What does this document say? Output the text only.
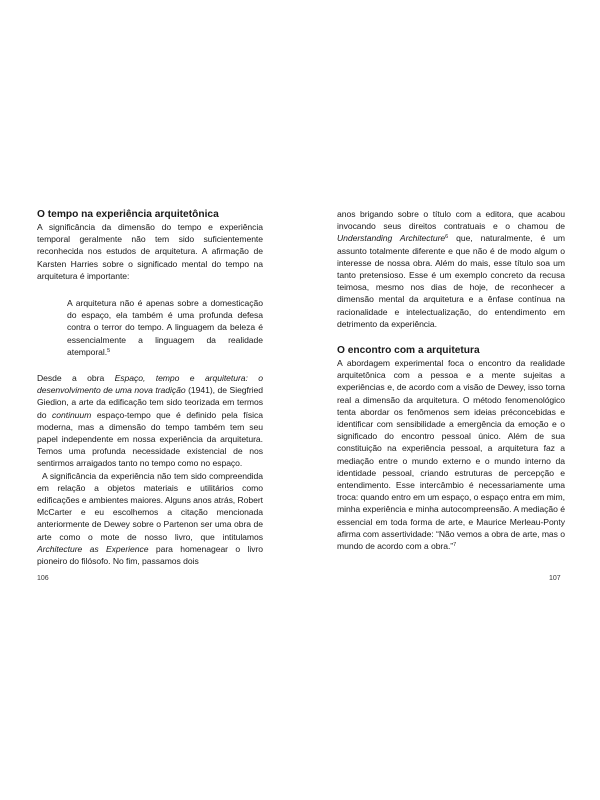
O tempo na experiência arquitetônica

A significância da dimensão do tempo e experiência temporal geralmente não tem sido suficientemente reconhecida nos estudos de arquitetura. A afirmação de Karsten Harries sobre o significado mental do tempo na arquitetura é importante:

A arquitetura não é apenas sobre a domesticação do espaço, ela também é uma profunda defesa contra o terror do tempo. A linguagem da beleza é essencialmente a linguagem da realidade atemporal.$^5$

Desde a obra Espaço, tempo e arquitetura: o desenvolvimento de uma nova tradição (1941), de Siegfried Giedion, a arte da edificação tem sido teorizada em termos do continuum espaço-tempo que é definido pela física moderna, mas a dimensão do tempo também tem seu papel independente em nossa experiência da arquitetura. Temos uma profunda necessidade existencial de nos sentirmos arraigados tanto no tempo como no espaço.

A significância da experiência não tem sido compreendida em relação a objetos materiais e utilitários como edificações e ambientes maiores. Alguns anos atrás, Robert McCarter e eu escolhemos a citação mencionada anteriormente de Dewey sobre o Partenon ser uma obra de arte como o mote de nosso livro, que intitulamos Architecture as Experience para homenagear o livro pioneiro do filósofo. No fim, passamos dois

anos brigando sobre o título com a editora, que acabou invocando seus direitos contratuais e o chamou de Understanding Architecture$^6$ que, naturalmente, é um assunto totalmente diferente e que não é de modo algum o interesse de nossa obra. Além do mais, esse título soa um tanto pretensioso. Esse é um exemplo concreto da recusa teimosa, mesmo nos dias de hoje, de reconhecer a dimensão mental da arquitetura e a ênfase contínua na racionalidade e intelectualização, do entendimento em detrimento da experiência.

O encontro com a arquitetura

A abordagem experimental foca o encontro da realidade arquitetônica com a pessoa e a mente sujeitas a experiências e, de acordo com a visão de Dewey, isso torna real a dimensão da arquitetura. O método fenomenológico tenta abordar os fenômenos sem ideias préconcebidas e identificar com sensibilidade a emergência da emoção e o significado do encontro pessoal único. Além de sua constituição na experiência pessoal, a arquitetura faz a mediação entre o mundo externo e o mundo interno da identidade pessoal, criando estruturas de percepção e entendimento. Esse intercâmbio é necessariamente uma troca: quando entro em um espaço, o espaço entra em mim, minha experiência e minha autocompreensão. A mediação é essencial em toda forma de arte, e Maurice Merleau-Ponty afirma com assertividade: “Não vemos a obra de arte, mas o mundo de acordo com a obra.”$^7$

106	107
